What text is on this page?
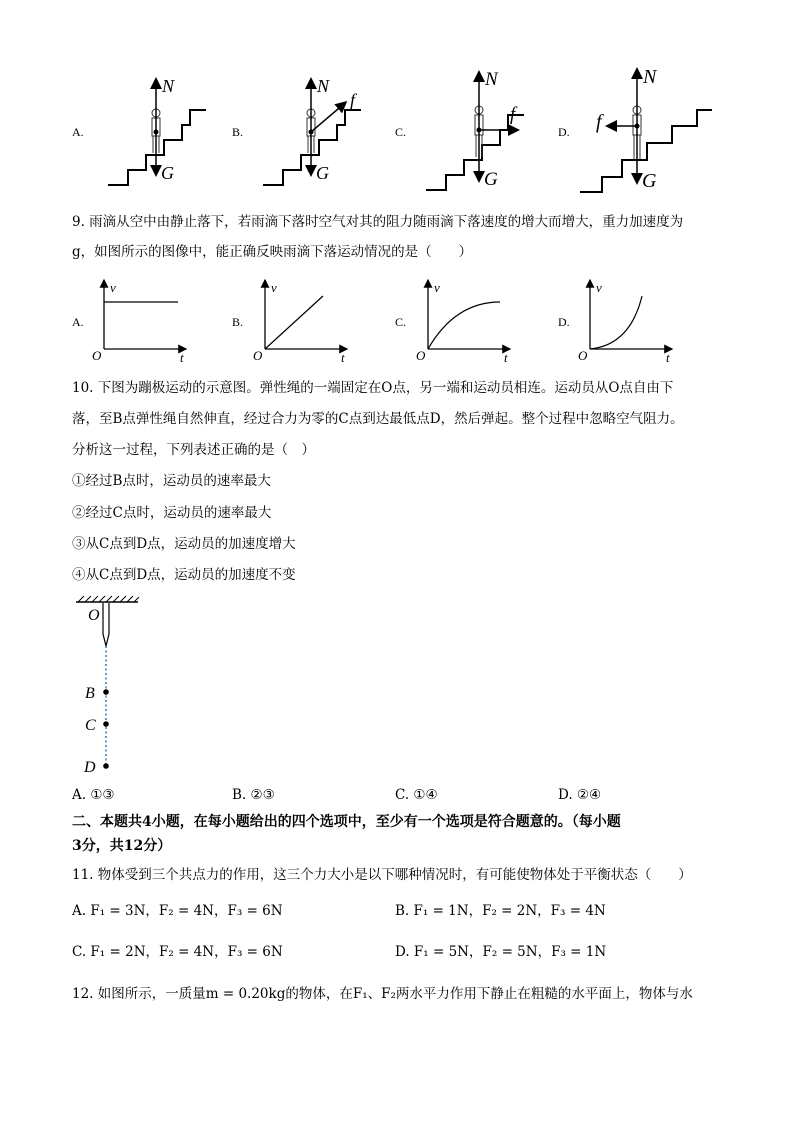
A.
N
G
B.
N
G
f
C.
N
G
f
D.
N
G
f
9. 雨滴从空中由静止落下，若雨滴下落时空气对其的阻力随雨滴下落速度的增大而增大，重力加速度为
g，如图所示的图像中，能正确反映雨滴下落运动情况的是（　　）
A.
v
t
O
B.
v
t
O
C.
v
t
O
D.
v
t
O
10. 下图为蹦极运动的示意图。弹性绳的一端固定在O点，另一端和运动员相连。运动员从O点自由下
落，至B点弹性绳自然伸直，经过合力为零的C点到达最低点D，然后弹起。整个过程中忽略空气阻力。
分析这一过程，下列表述正确的是（　）
①经过B点时，运动员的速率最大
②经过C点时，运动员的速率最大
③从C点到D点，运动员的加速度增大
④从C点到D点，运动员的加速度不变
O
B
C
D
A. ①③	B. ②③	C. ①④	D. ②④
二、本题共4小题，在每小题给出的四个选项中，至少有一个选项是符合题意的。（每小题
3分，共12分）
11. 物体受到三个共点力的作用，这三个力大小是以下哪种情况时，有可能使物体处于平衡状态（　　）
A. F₁ = 3N，F₂ = 4N，F₃ = 6N	B. F₁ = 1N，F₂ = 2N，F₃ = 4N
C. F₁ = 2N，F₂ = 4N，F₃ = 6N	D. F₁ = 5N，F₂ = 5N，F₃ = 1N
12. 如图所示，一质量m = 0.20kg的物体，在F₁、F₂两水平力作用下静止在粗糙的水平面上，物体与水
